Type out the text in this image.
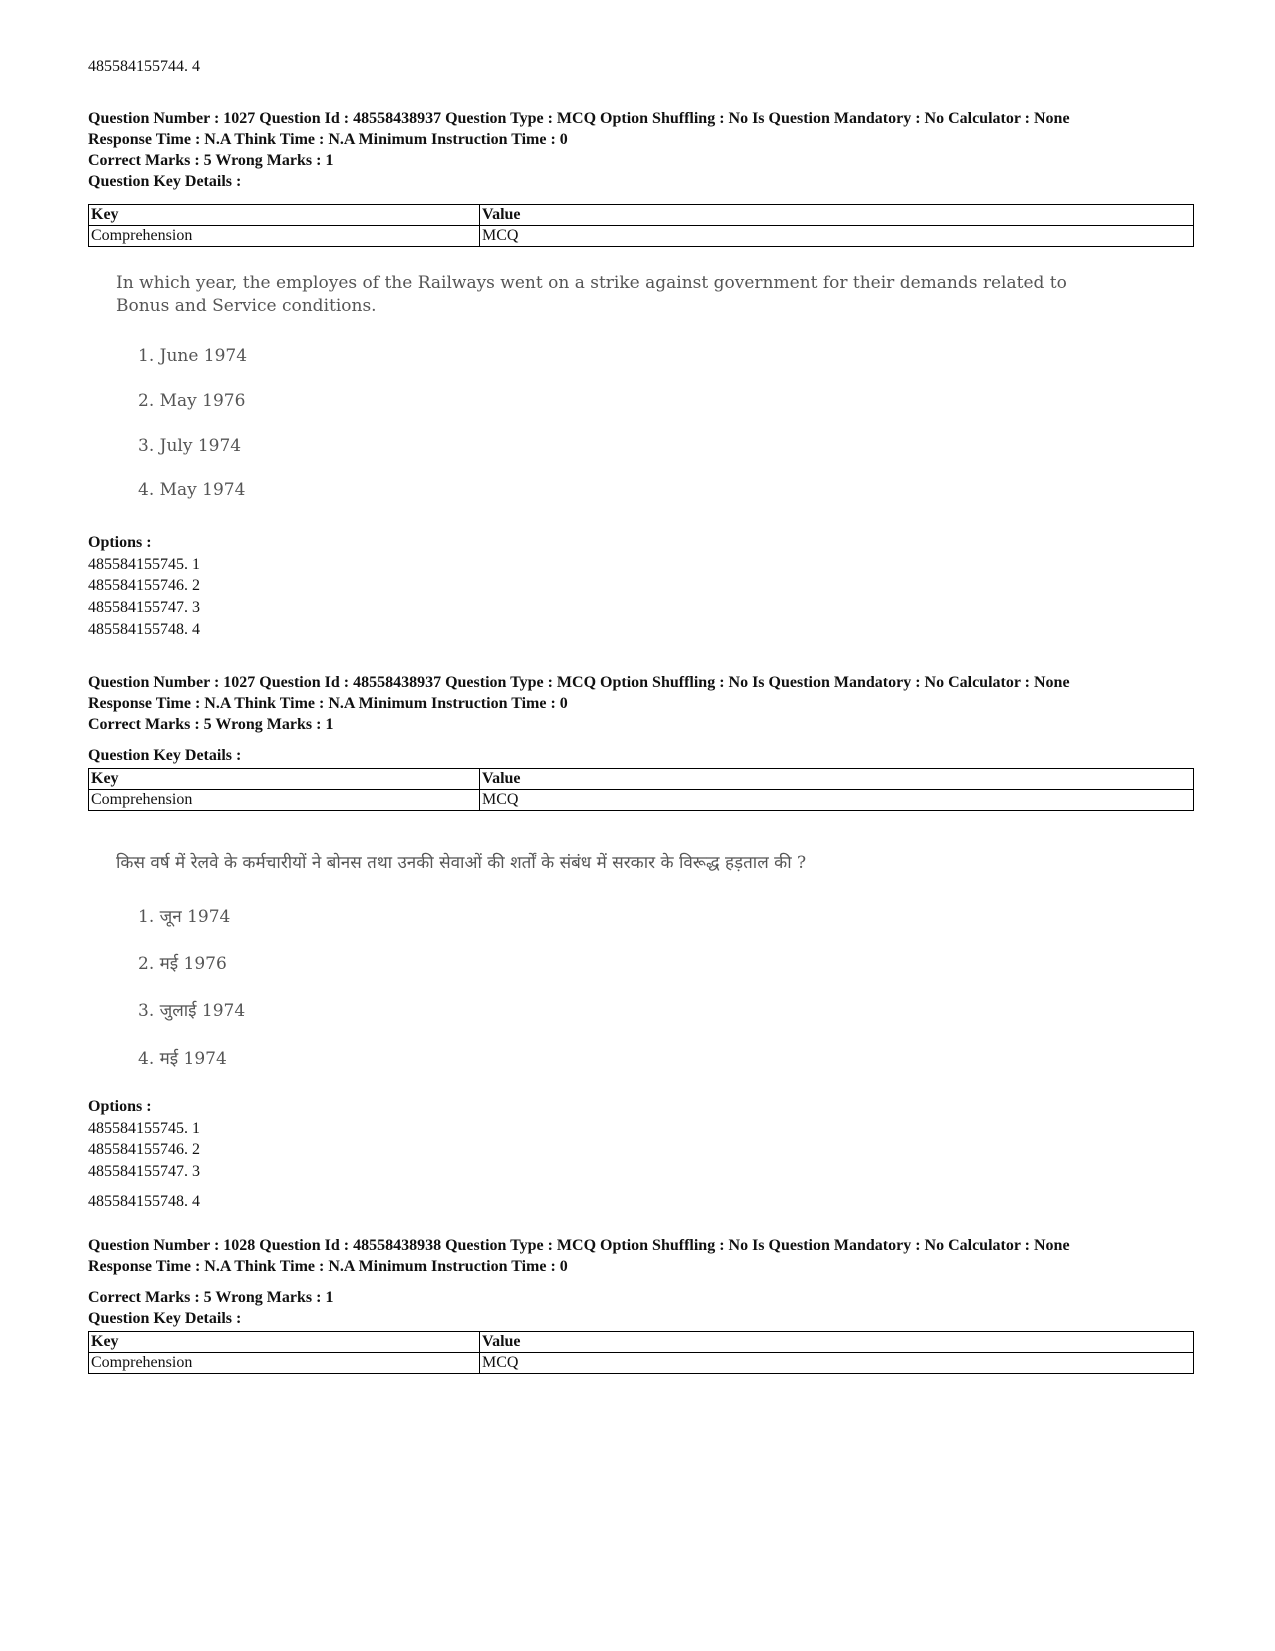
485584155744. 4

Question Number : 1027 Question Id : 48558438937 Question Type : MCQ Option Shuffling : No Is Question Mandatory : No Calculator : None
Response Time : N.A Think Time : N.A Minimum Instruction Time : 0
Correct Marks : 5 Wrong Marks : 1
Question Key Details :
Key	Value
Comprehension	MCQ
In which year, the employes of the Railways went on a strike against government for their demands related to
Bonus and Service conditions.
1. June 1974
2. May 1976
3. July 1974
4. May 1974
Options :
485584155745. 1
485584155746. 2
485584155747. 3
485584155748. 4
Question Number : 1027 Question Id : 48558438937 Question Type : MCQ Option Shuffling : No Is Question Mandatory : No Calculator : None
Response Time : N.A Think Time : N.A Minimum Instruction Time : 0
Correct Marks : 5 Wrong Marks : 1
Question Key Details :
Key	Value
Comprehension	MCQ
किस वर्ष में रेलवे के कर्मचारीयों ने बोनस तथा उनकी सेवाओं की शर्तों के संबंध में सरकार के विरूद्ध हड़ताल की ?
1. जून 1974
2. मई 1976
3. जुलाई 1974
4. मई 1974
Options :
485584155745. 1
485584155746. 2
485584155747. 3
485584155748. 4
Question Number : 1028 Question Id : 48558438938 Question Type : MCQ Option Shuffling : No Is Question Mandatory : No Calculator : None
Response Time : N.A Think Time : N.A Minimum Instruction Time : 0
Correct Marks : 5 Wrong Marks : 1
Question Key Details :
Key	Value
Comprehension	MCQ
